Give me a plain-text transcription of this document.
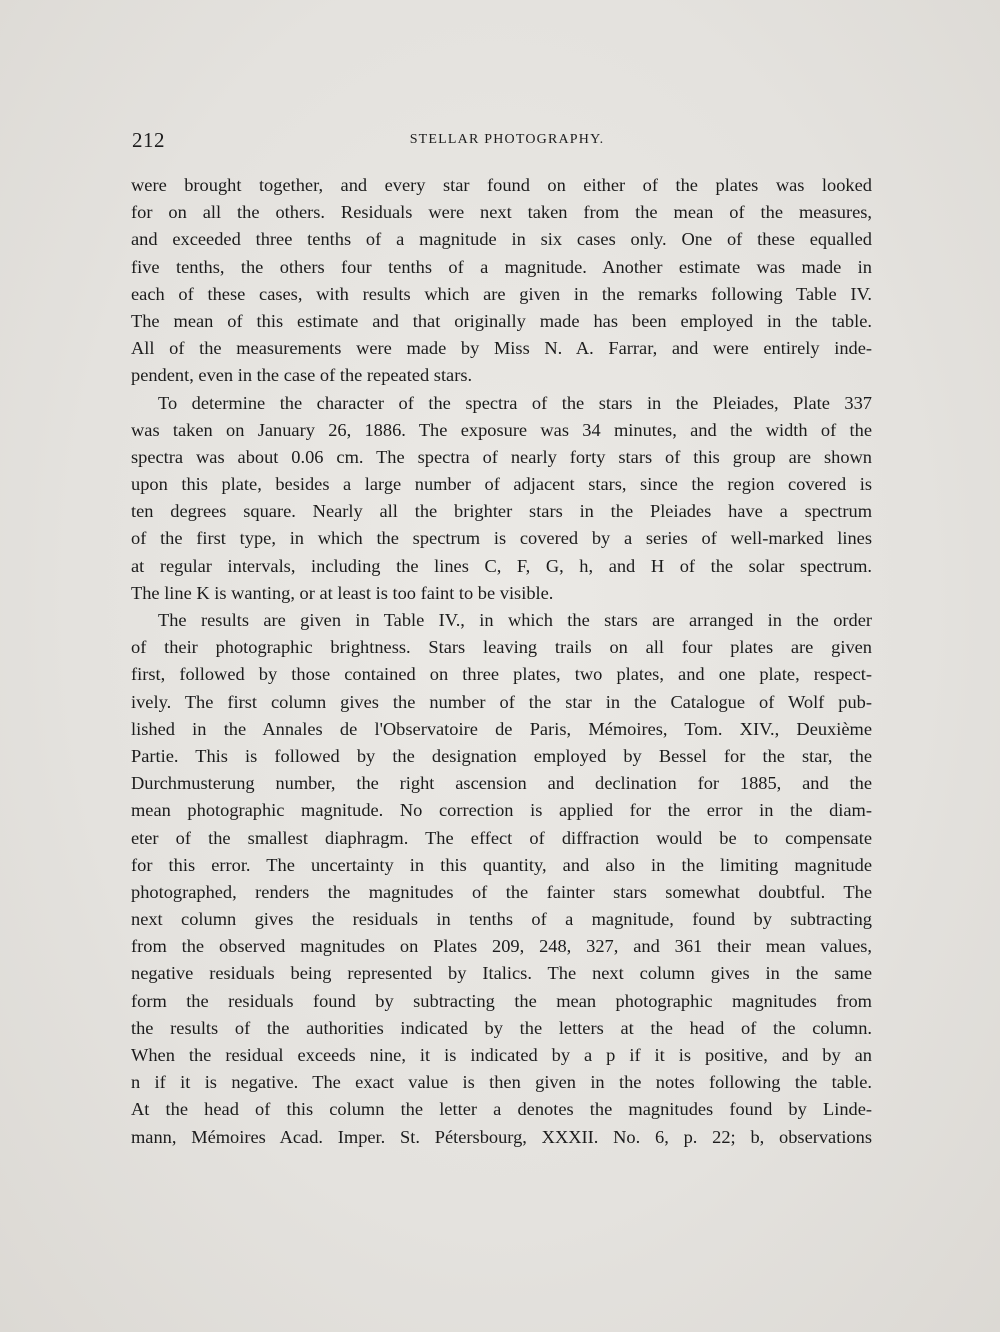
212	STELLAR PHOTOGRAPHY.
were brought together, and every star found on either of the plates was looked
for on all the others. Residuals were next taken from the mean of the measures,
and exceeded three tenths of a magnitude in six cases only. One of these equalled
five tenths, the others four tenths of a magnitude. Another estimate was made in
each of these cases, with results which are given in the remarks following Table IV.
The mean of this estimate and that originally made has been employed in the table.
All of the measurements were made by Miss N. A. Farrar, and were entirely inde-
pendent, even in the case of the repeated stars.
To determine the character of the spectra of the stars in the Pleiades, Plate 337
was taken on January 26, 1886. The exposure was 34 minutes, and the width of the
spectra was about 0.06 cm. The spectra of nearly forty stars of this group are shown
upon this plate, besides a large number of adjacent stars, since the region covered is
ten degrees square. Nearly all the brighter stars in the Pleiades have a spectrum
of the first type, in which the spectrum is covered by a series of well-marked lines
at regular intervals, including the lines C, F, G, h, and H of the solar spectrum.
The line K is wanting, or at least is too faint to be visible.
The results are given in Table IV., in which the stars are arranged in the order
of their photographic brightness. Stars leaving trails on all four plates are given
first, followed by those contained on three plates, two plates, and one plate, respect-
ively. The first column gives the number of the star in the Catalogue of Wolf pub-
lished in the Annales de l'Observatoire de Paris, Mémoires, Tom. XIV., Deuxième
Partie. This is followed by the designation employed by Bessel for the star, the
Durchmusterung number, the right ascension and declination for 1885, and the
mean photographic magnitude. No correction is applied for the error in the diam-
eter of the smallest diaphragm. The effect of diffraction would be to compensate
for this error. The uncertainty in this quantity, and also in the limiting magnitude
photographed, renders the magnitudes of the fainter stars somewhat doubtful. The
next column gives the residuals in tenths of a magnitude, found by subtracting
from the observed magnitudes on Plates 209, 248, 327, and 361 their mean values,
negative residuals being represented by Italics. The next column gives in the same
form the residuals found by subtracting the mean photographic magnitudes from
the results of the authorities indicated by the letters at the head of the column.
When the residual exceeds nine, it is indicated by a p if it is positive, and by an
n if it is negative. The exact value is then given in the notes following the table.
At the head of this column the letter a denotes the magnitudes found by Linde-
mann, Mémoires Acad. Imper. St. Pétersbourg, XXXII. No. 6, p. 22; b, observations
